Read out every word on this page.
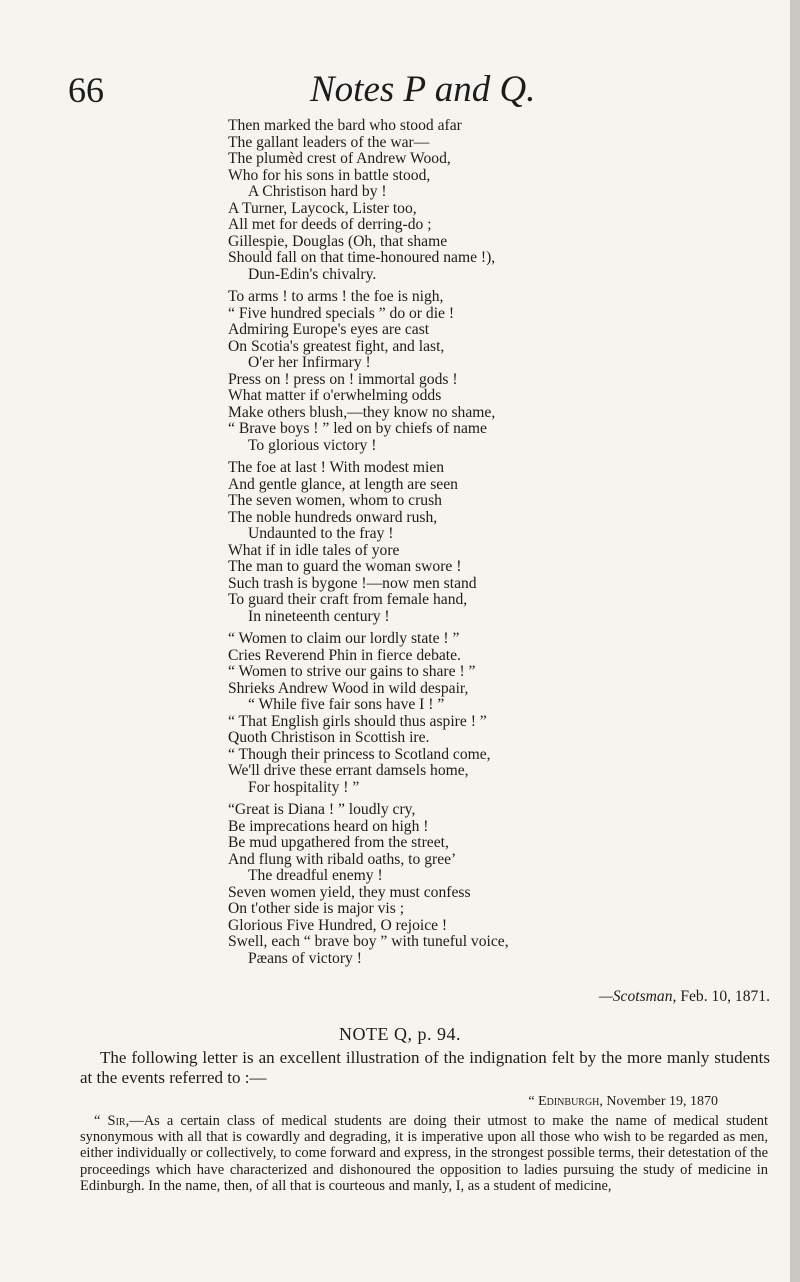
66	Notes P and Q.
Then marked the bard who stood afar
The gallant leaders of the war—
The plumèd crest of Andrew Wood,
Who for his sons in battle stood,
A Christison hard by !
A Turner, Laycock, Lister too,
All met for deeds of derring-do ;
Gillespie, Douglas (Oh, that shame
Should fall on that time-honoured name !),
Dun-Edin's chivalry.
To arms ! to arms ! the foe is nigh,
“ Five hundred specials ” do or die !
Admiring Europe's eyes are cast
On Scotia's greatest fight, and last,
O'er her Infirmary !
Press on ! press on ! immortal gods !
What matter if o'erwhelming odds
Make others blush,—they know no shame,
“ Brave boys ! ” led on by chiefs of name
To glorious victory !
The foe at last ! With modest mien
And gentle glance, at length are seen
The seven women, whom to crush
The noble hundreds onward rush,
Undaunted to the fray !
What if in idle tales of yore
The man to guard the woman swore !
Such trash is bygone !—now men stand
To guard their craft from female hand,
In nineteenth century !
“ Women to claim our lordly state ! ”
Cries Reverend Phin in fierce debate.
“ Women to strive our gains to share ! ”
Shrieks Andrew Wood in wild despair,
“ While five fair sons have I ! ”
“ That English girls should thus aspire ! ”
Quoth Christison in Scottish ire.
“ Though their princess to Scotland come,
We'll drive these errant damsels home,
For hospitality ! ”
“Great is Diana ! ” loudly cry,
Be imprecations heard on high !
Be mud upgathered from the street,
And flung with ribald oaths, to gree’
The dreadful enemy !
Seven women yield, they must confess
On t'other side is major vis ;
Glorious Five Hundred, O rejoice !
Swell, each “ brave boy ” with tuneful voice,
Pæans of victory !
—Scotsman, Feb. 10, 1871.
NOTE Q, p. 94.
The following letter is an excellent illustration of the indignation felt by the more manly students at the events referred to :—
“ Edinburgh, November 19, 1870
“ Sir,—As a certain class of medical students are doing their utmost to make the name of medical student synonymous with all that is cowardly and degrading, it is imperative upon all those who wish to be regarded as men, either individually or collectively, to come forward and express, in the strongest possible terms, their detestation of the proceedings which have characterized and dishonoured the opposition to ladies pursuing the study of medicine in Edinburgh. In the name, then, of all that is courteous and manly, I, as a student of medicine,
